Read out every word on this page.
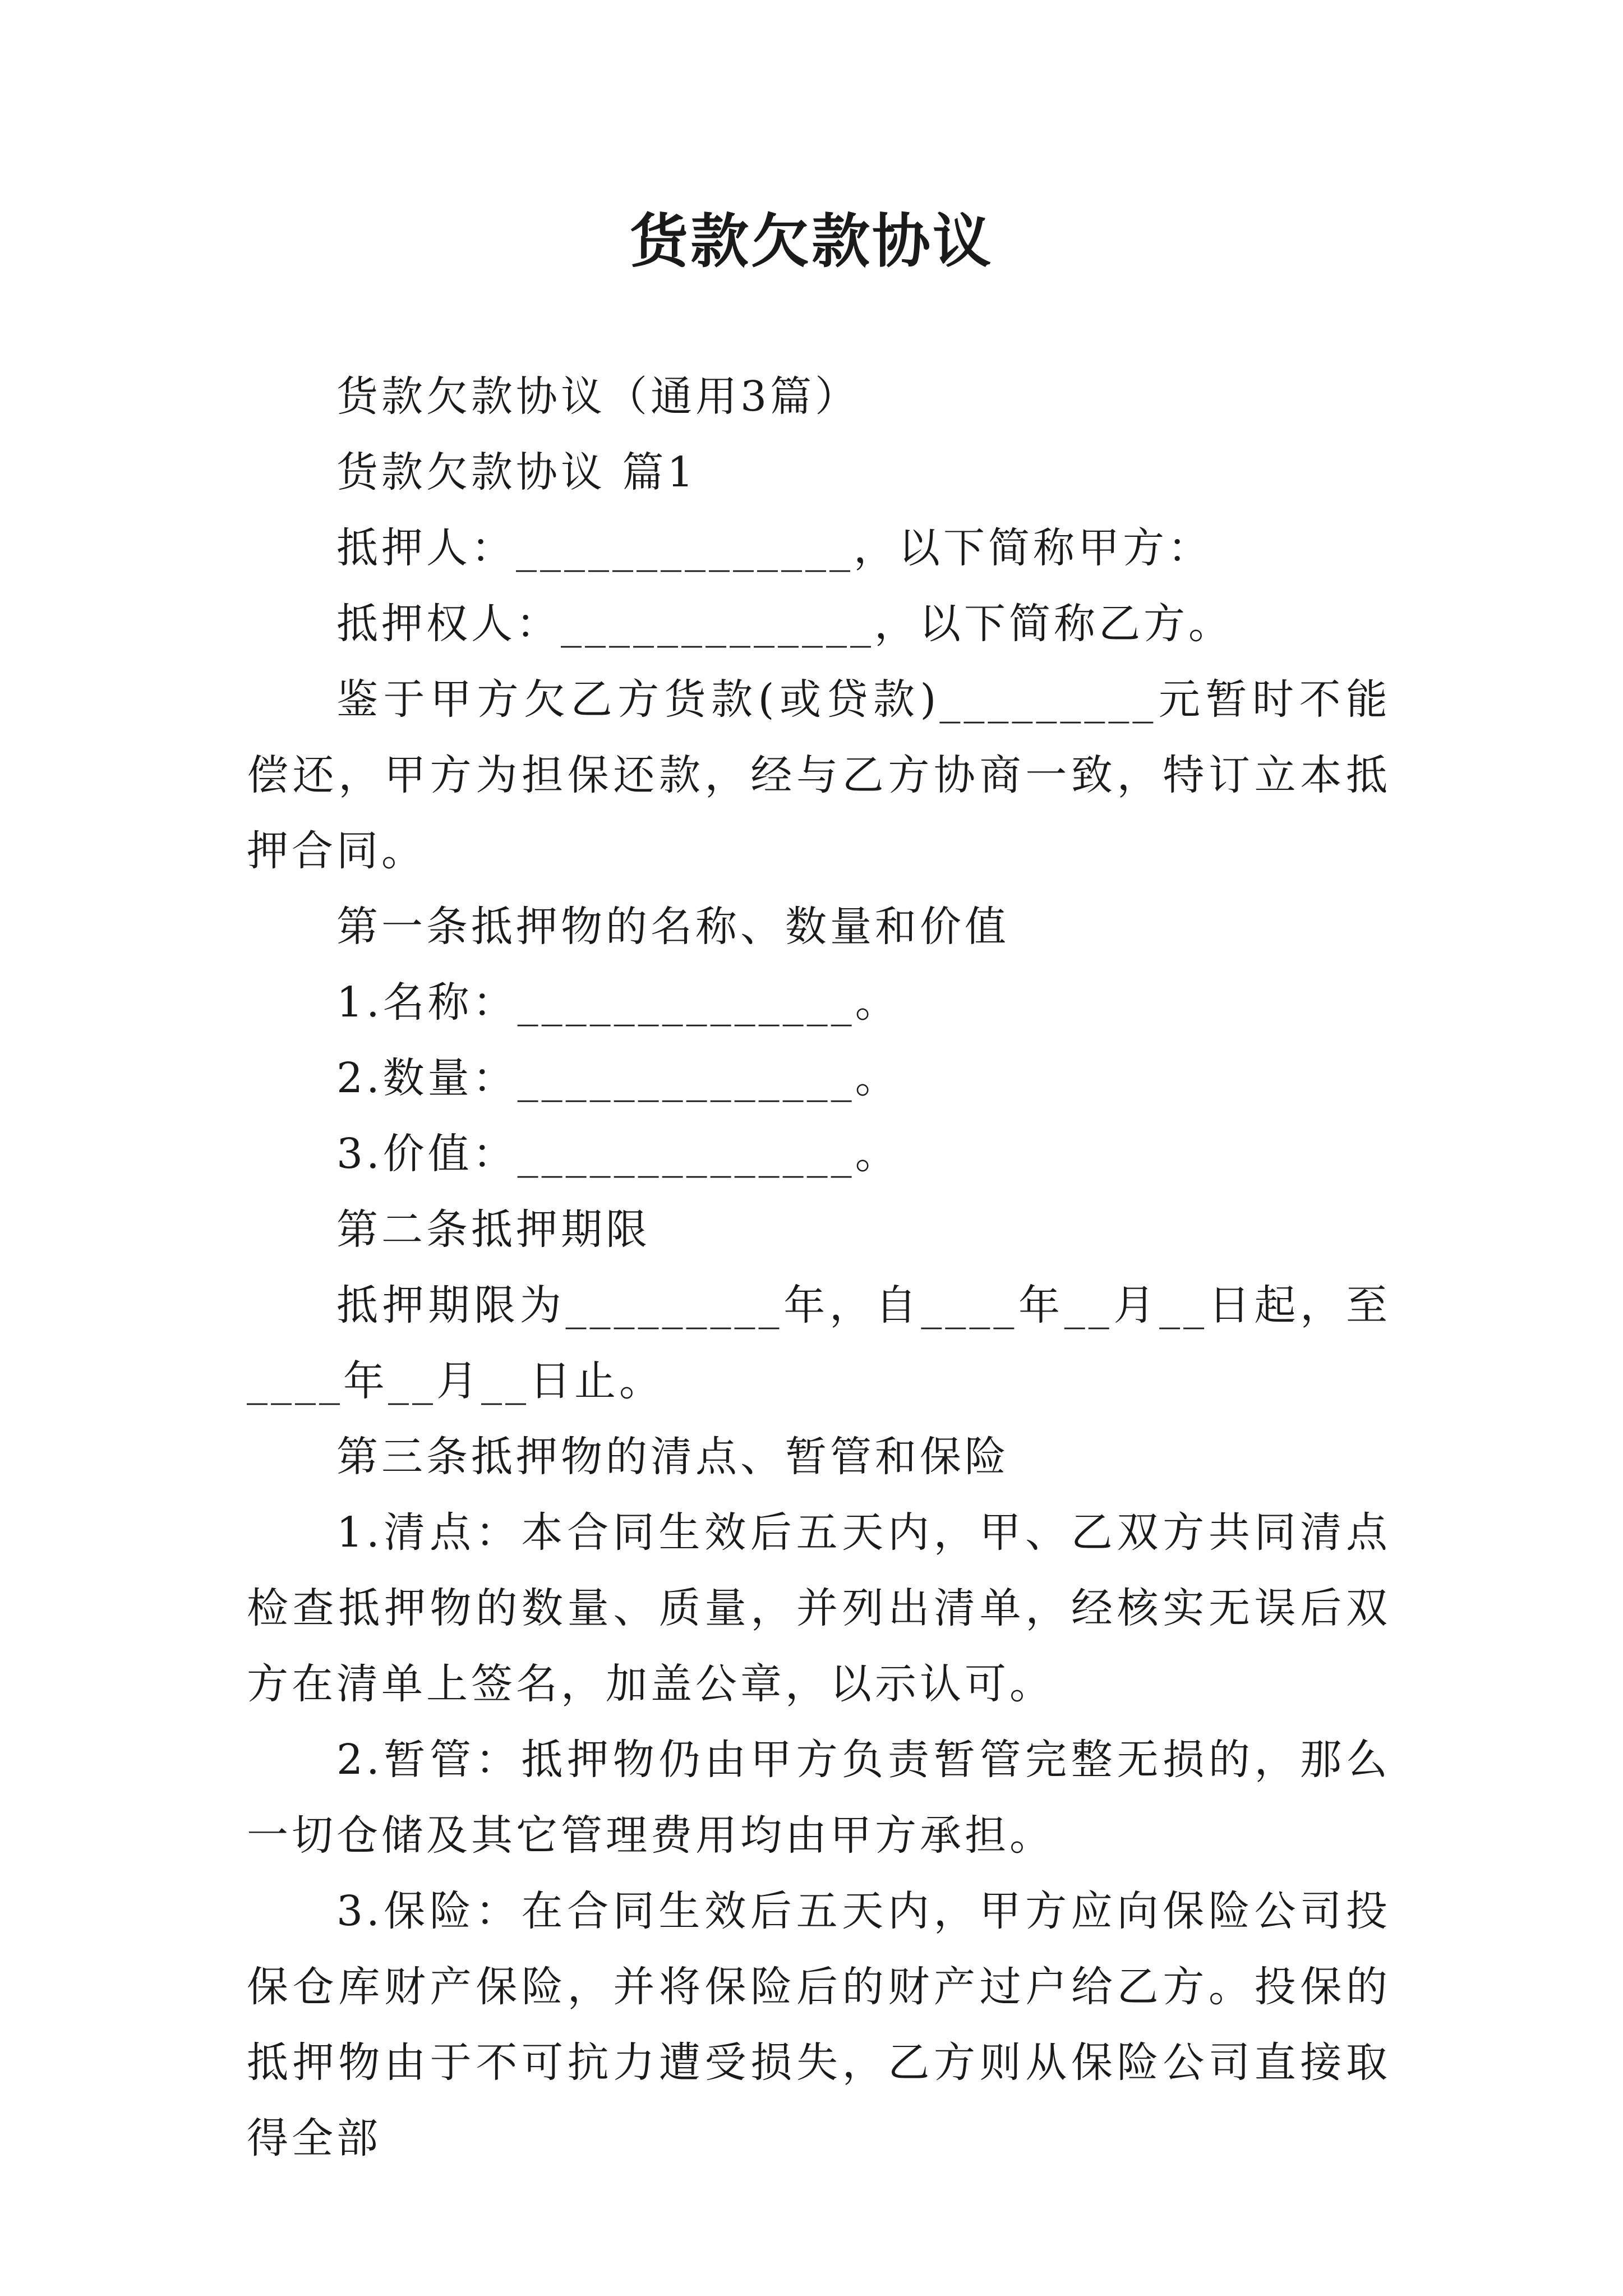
货款欠款协议

货款欠款协议（通用3篇）

货款欠款协议 篇1

抵押人：______________，以下简称甲方：

抵押权人：_____________，以下简称乙方。

鉴于甲方欠乙方货款(或贷款)_________元暂时不能偿还，甲方为担保还款，经与乙方协商一致，特订立本抵押合同。

第一条抵押物的名称、数量和价值

1.名称：______________。

2.数量：______________。

3.价值：______________。

第二条抵押期限

抵押期限为_________年，自____年__月__日起，至____年__月__日止。

第三条抵押物的清点、暂管和保险

1.清点：本合同生效后五天内，甲、乙双方共同清点检查抵押物的数量、质量，并列出清单，经核实无误后双方在清单上签名，加盖公章，以示认可。

2.暂管：抵押物仍由甲方负责暂管完整无损的，那么一切仓储及其它管理费用均由甲方承担。

3.保险：在合同生效后五天内，甲方应向保险公司投保仓库财产保险，并将保险后的财产过户给乙方。投保的抵押物由于不可抗力遭受损失，乙方则从保险公司直接取得全部
